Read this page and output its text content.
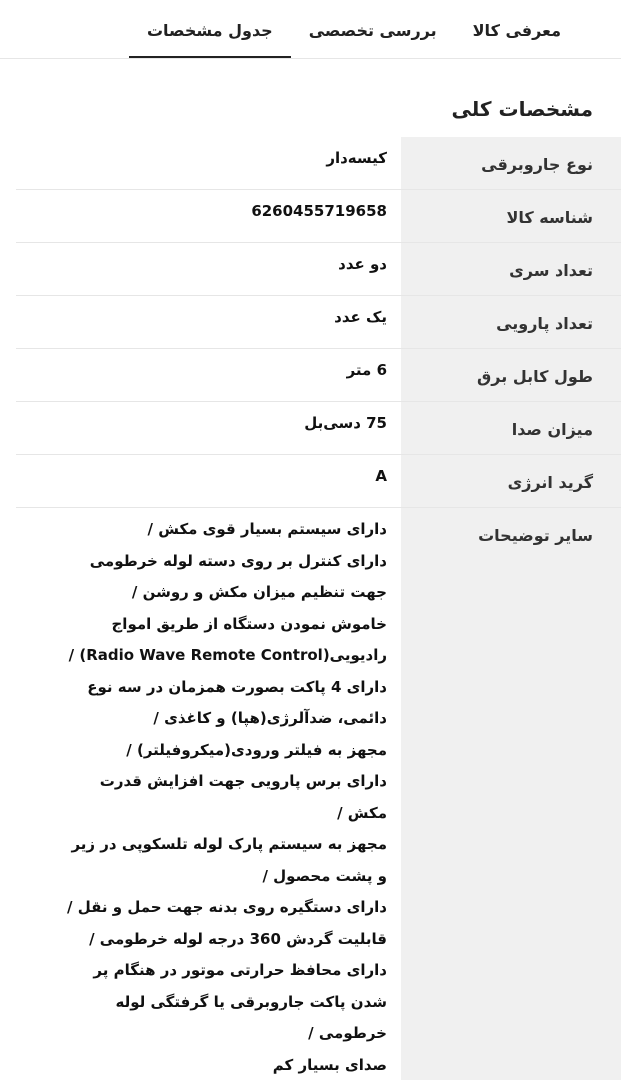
معرفی کالا
بررسی تخصصی
جدول مشخصات
مشخصات کلی
نوع جاروبرقی
کیسه‌دار
شناسه کالا
6260455719658
تعداد سری
دو عدد
تعداد پارویی
یک عدد
طول کابل برق
6 متر
میزان صدا
75 دسی‌بل
گرید انرژی
A
سایر توضیحات
دارای سیستم بسیار قوی مکش /
دارای کنترل بر روی دسته لوله خرطومی
جهت تنظیم میزان مکش و روشن /
خاموش نمودن دستگاه از طریق امواج
رادیویی(Radio Wave Remote Control) /
دارای 4 پاکت بصورت همزمان در سه نوع
دائمی، ضدآلرژی(هپا) و کاغذی /
مجهز به فیلتر ورودی(میکروفیلتر) /
دارای برس پارویی جهت افزایش قدرت
مکش /
مجهز به سیستم پارک لوله تلسکوپی در زیر
و پشت محصول /
دارای دستگیره روی بدنه جهت حمل و نقل /
قابلیت گردش 360 درجه لوله خرطومی /
دارای محافظ حرارتی موتور در هنگام پر
شدن پاکت جاروبرقی یا گرفتگی لوله
خرطومی /
صدای بسیار کم
